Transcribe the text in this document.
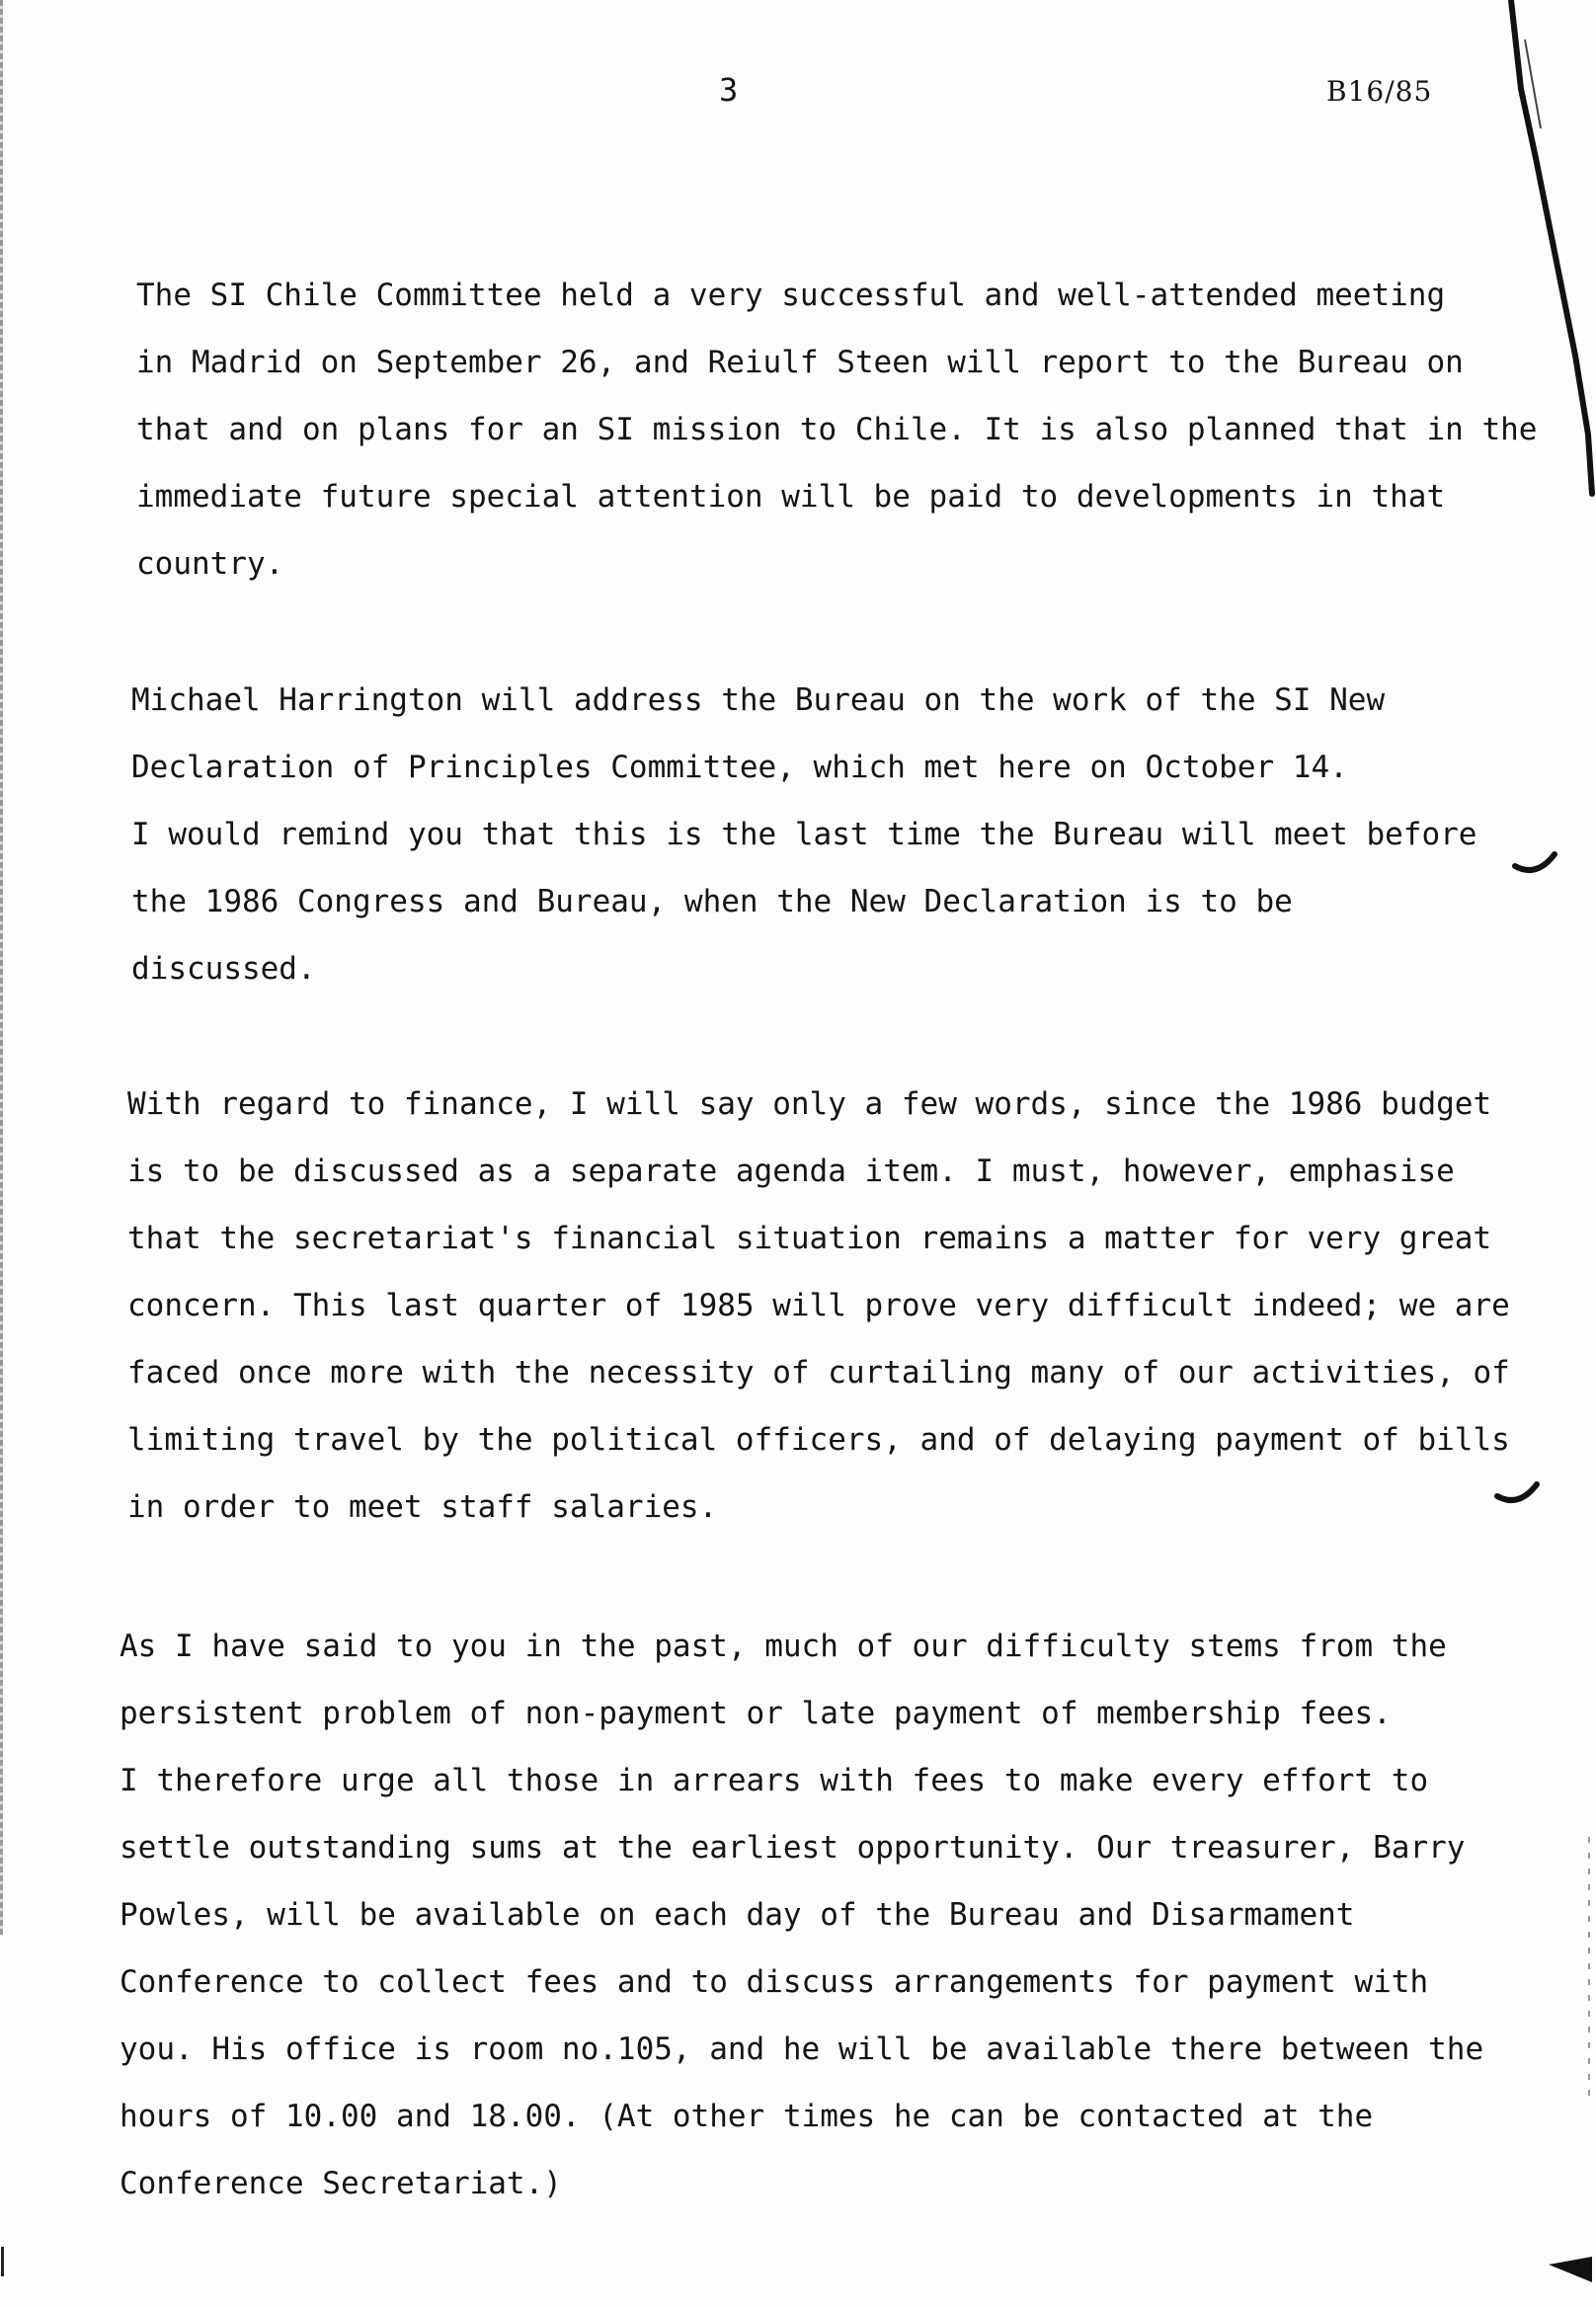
3	B16/85

The SI Chile Committee held a very successful and well-attended meeting
in Madrid on September 26, and Reiulf Steen will report to the Bureau on
that and on plans for an SI mission to Chile. It is also planned that in the
immediate future special attention will be paid to developments in that
country.

Michael Harrington will address the Bureau on the work of the SI New
Declaration of Principles Committee, which met here on October 14.
I would remind you that this is the last time the Bureau will meet before
the 1986 Congress and Bureau, when the New Declaration is to be
discussed.

With regard to finance, I will say only a few words, since the 1986 budget
is to be discussed as a separate agenda item. I must, however, emphasise
that the secretariat's financial situation remains a matter for very great
concern. This last quarter of 1985 will prove very difficult indeed; we are
faced once more with the necessity of curtailing many of our activities, of
limiting travel by the political officers, and of delaying payment of bills
in order to meet staff salaries.

As I have said to you in the past, much of our difficulty stems from the
persistent problem of non-payment or late payment of membership fees.
I therefore urge all those in arrears with fees to make every effort to
settle outstanding sums at the earliest opportunity. Our treasurer, Barry
Powles, will be available on each day of the Bureau and Disarmament
Conference to collect fees and to discuss arrangements for payment with
you. His office is room no.105, and he will be available there between the
hours of 10.00 and 18.00. (At other times he can be contacted at the
Conference Secretariat.)
